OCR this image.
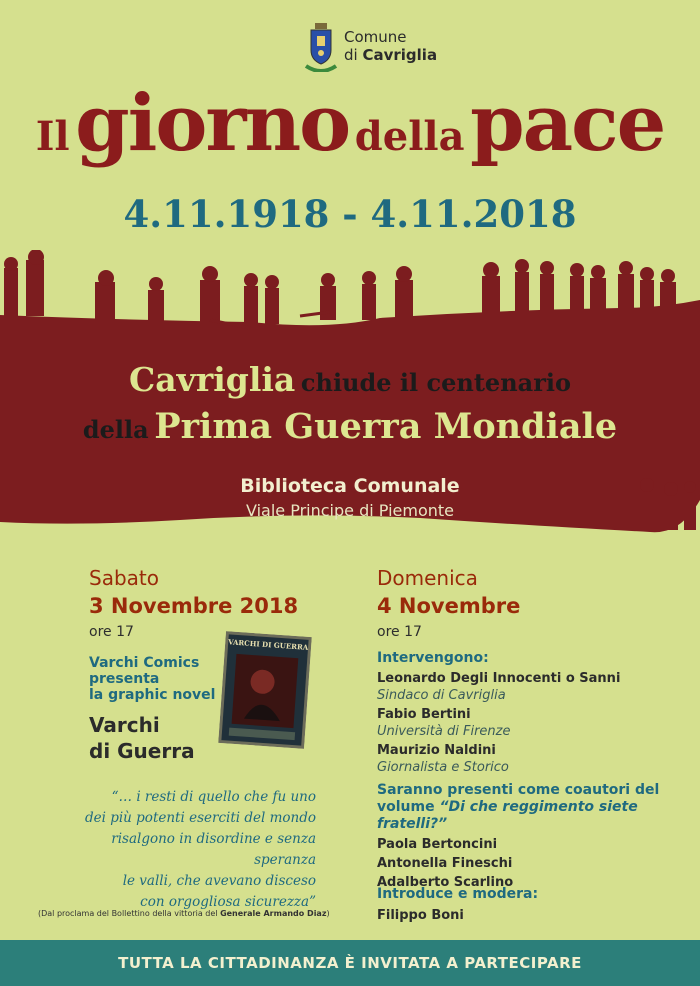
Comune
di Cavriglia
Il giorno della pace
4.11.1918 - 4.11.2018
Cavriglia chiude il centenario
della Prima Guerra Mondiale
Biblioteca Comunale
Viale Principe di Piemonte
Sabato
3 Novembre 2018
ore 17
Varchi Comics
presenta
la graphic novel
Varchi
di Guerra
VARCHI DI GUERRA
“… i resti di quello che fu uno
dei più potenti eserciti del mondo
risalgono in disordine e senza speranza
le valli, che avevano disceso
con orgogliosa sicurezza”
(Dal proclama del Bollettino della vittoria del Generale Armando Diaz)
Domenica
4 Novembre
ore 17
Intervengono:
Leonardo Degli Innocenti o Sanni
Sindaco di Cavriglia
Fabio Bertini
Università di Firenze
Maurizio Naldini
Giornalista e Storico
Saranno presenti come coautori del
volume “Di che reggimento siete fratelli?”
Paola Bertoncini
Antonella Fineschi
Adalberto Scarlino
Introduce e modera:
Filippo Boni
TUTTA LA CITTADINANZA È INVITATA A PARTECIPARE
